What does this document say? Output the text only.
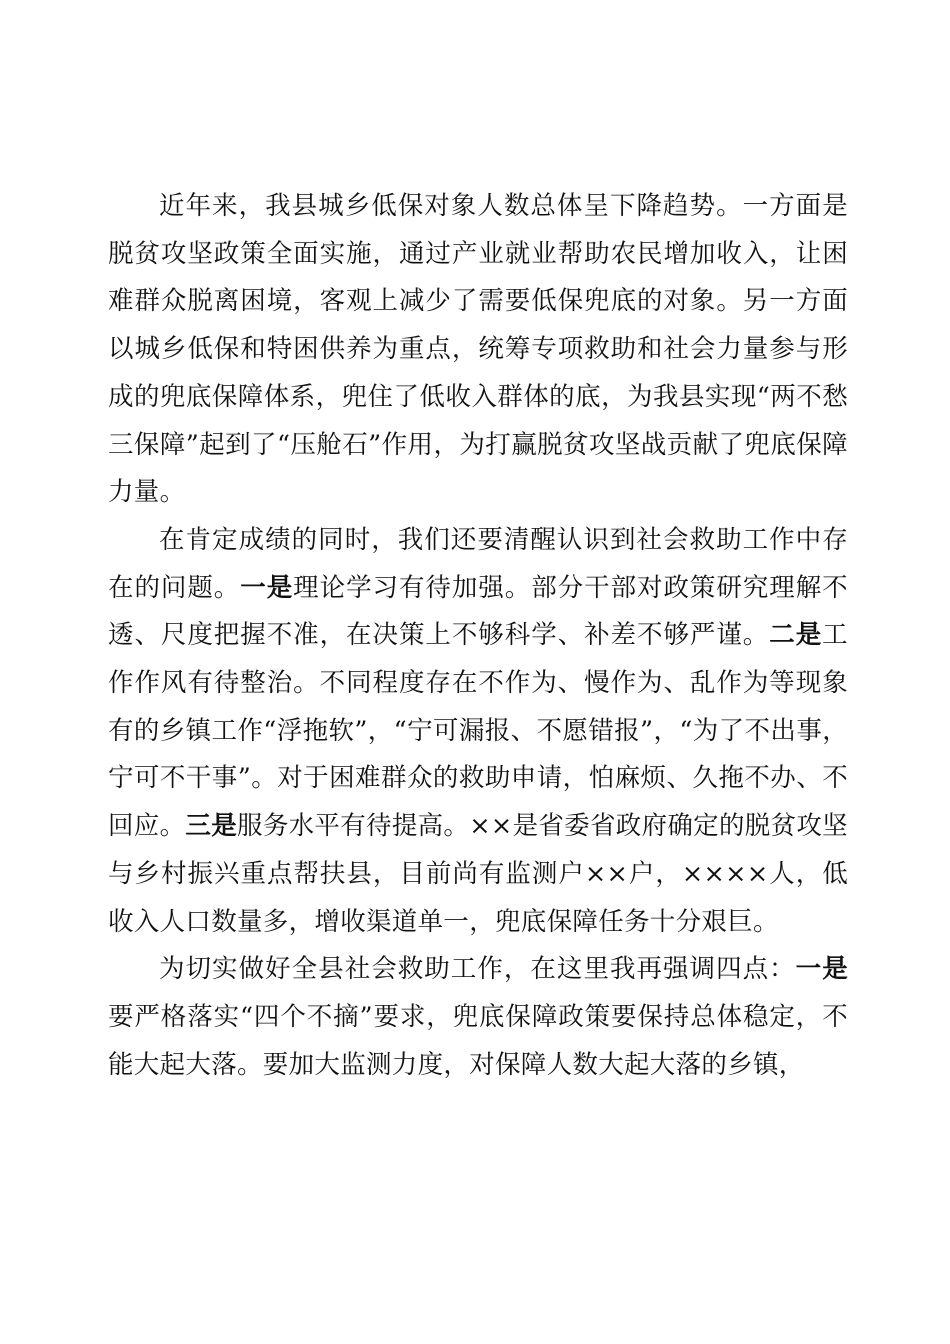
近年来，我县城乡低保对象人数总体呈下降趋势。一方面是脱贫攻坚政策全面实施，通过产业就业帮助农民增加收入，让困难群众脱离困境，客观上减少了需要低保兜底的对象。另一方面以城乡低保和特困供养为重点，统筹专项救助和社会力量参与形成的兜底保障体系，兜住了低收入群体的底，为我县实现“两不愁三保障”起到了“压舱石”作用，为打赢脱贫攻坚战贡献了兜底保障力量。

在肯定成绩的同时，我们还要清醒认识到社会救助工作中存在的问题。一是理论学习有待加强。部分干部对政策研究理解不透、尺度把握不准，在决策上不够科学、补差不够严谨。二是工作作风有待整治。不同程度存在不作为、慢作为、乱作为等现象有的乡镇工作“浮拖软”，“宁可漏报、不愿错报”，“为了不出事，宁可不干事”。对于困难群众的救助申请，怕麻烦、久拖不办、不回应。三是服务水平有待提高。××是省委省政府确定的脱贫攻坚与乡村振兴重点帮扶县，目前尚有监测户××户，××××人，低收入人口数量多，增收渠道单一，兜底保障任务十分艰巨。

为切实做好全县社会救助工作，在这里我再强调四点：一是要严格落实“四个不摘”要求，兜底保障政策要保持总体稳定，不能大起大落。要加大监测力度，对保障人数大起大落的乡镇，
